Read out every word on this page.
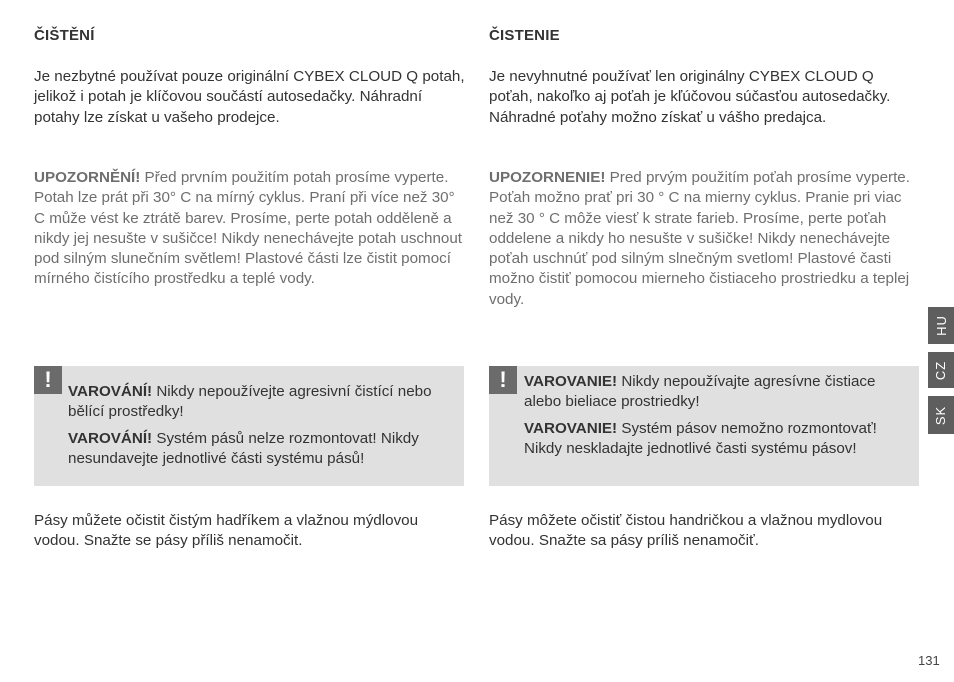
ČIŠTĚNÍ

Je nezbytné používat pouze originální CYBEX CLOUD Q potah, jelikož i potah je klíčovou součástí autosedačky. Náhradní potahy lze získat u vašeho prodejce.

UPOZORNĚNÍ! Před prvním použitím potah prosíme vyperte. Potah lze prát při 30° C na mírný cyklus. Praní při více než 30° C může vést ke ztrátě barev. Prosíme, perte potah odděleně a nikdy jej nesušte v sušičce! Nikdy nenechávejte potah uschnout pod silným slunečním světlem! Plastové části lze čistit pomocí mírného čistícího prostředku a teplé vody.

!	VAROVÁNÍ! Nikdy nepoužívejte agresivní čistící nebo bělící prostředky!

VAROVÁNÍ! Systém pásů nelze rozmontovat! Nikdy nesundavejte jednotlivé části systému pásů!

Pásy můžete očistit čistým hadříkem a vlažnou mýdlovou vodou. Snažte se pásy příliš nenamočit.

ČISTENIE

Je nevyhnutné používať len originálny CYBEX CLOUD Q poťah, nakoľko aj poťah je kľúčovou súčasťou autosedačky. Náhradné poťahy možno získať u vášho predajca.

UPOZORNENIE! Pred prvým použitím poťah prosíme vyperte. Poťah možno prať pri 30 ° C na mierny cyklus. Pranie pri viac než 30 ° C môže viesť k strate farieb. Prosíme, perte poťah oddelene a nikdy ho nesušte v sušičke! Nikdy nenechávejte poťah uschnúť pod silným slnečným svetlom! Plastové časti možno čistiť pomocou mierneho čistiaceho prostriedku a teplej vody.

!	VAROVANIE! Nikdy nepoužívajte agresívne čistiace alebo bieliace prostriedky!

VAROVANIE! Systém pásov nemožno rozmontovať! Nikdy neskladajte jednotlivé časti systému pásov!

Pásy môžete očistiť čistou handričkou a vlažnou mydlovou vodou. Snažte sa pásy príliš nenamočiť.

HU
CZ
SK
131
